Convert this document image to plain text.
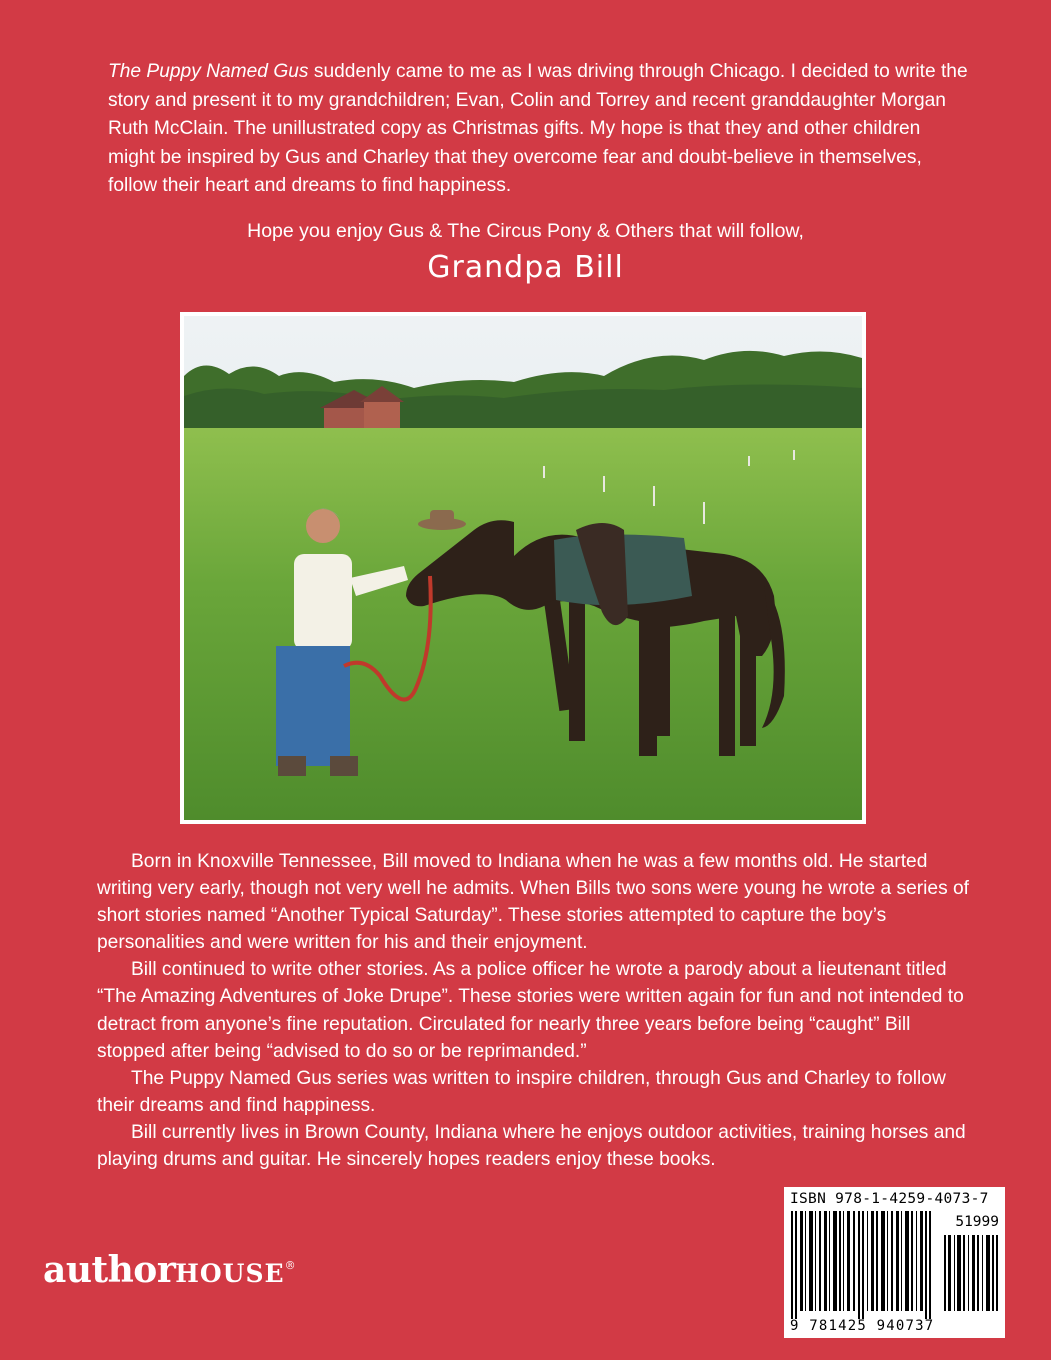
The Puppy Named Gus suddenly came to me as I was driving through Chicago. I decided to write the story and present it to my grandchildren; Evan, Colin and Torrey and recent granddaughter Morgan Ruth McClain. The unillustrated copy as Christmas gifts. My hope is that they and other children might be inspired by Gus and Charley that they overcome fear and doubt-believe in themselves, follow their heart and dreams to find happiness.

Hope you enjoy Gus & The Circus Pony & Others that will follow,

Grandpa Bill

Born in Knoxville Tennessee, Bill moved to Indiana when he was a few months old. He started writing very early, though not very well he admits. When Bills two sons were young he wrote a series of short stories named “Another Typical Saturday”. These stories attempted to capture the boy’s personalities and were written for his and their enjoyment.

Bill continued to write other stories. As a police officer he wrote a parody about a lieutenant titled “The Amazing Adventures of Joke Drupe”. These stories were written again for fun and not intended to detract from anyone’s fine reputation. Circulated for nearly three years before being “caught” Bill stopped after being “advised to do so or be reprimanded.”

The Puppy Named Gus series was written to inspire children, through Gus and Charley to follow their dreams and find happiness.

Bill currently lives in Brown County, Indiana where he enjoys outdoor activities, training horses and playing drums and guitar. He sincerely hopes readers enjoy these books.

authorHOUSE®
ISBN 978-1-4259-4073-7
51999
9 781425 940737
